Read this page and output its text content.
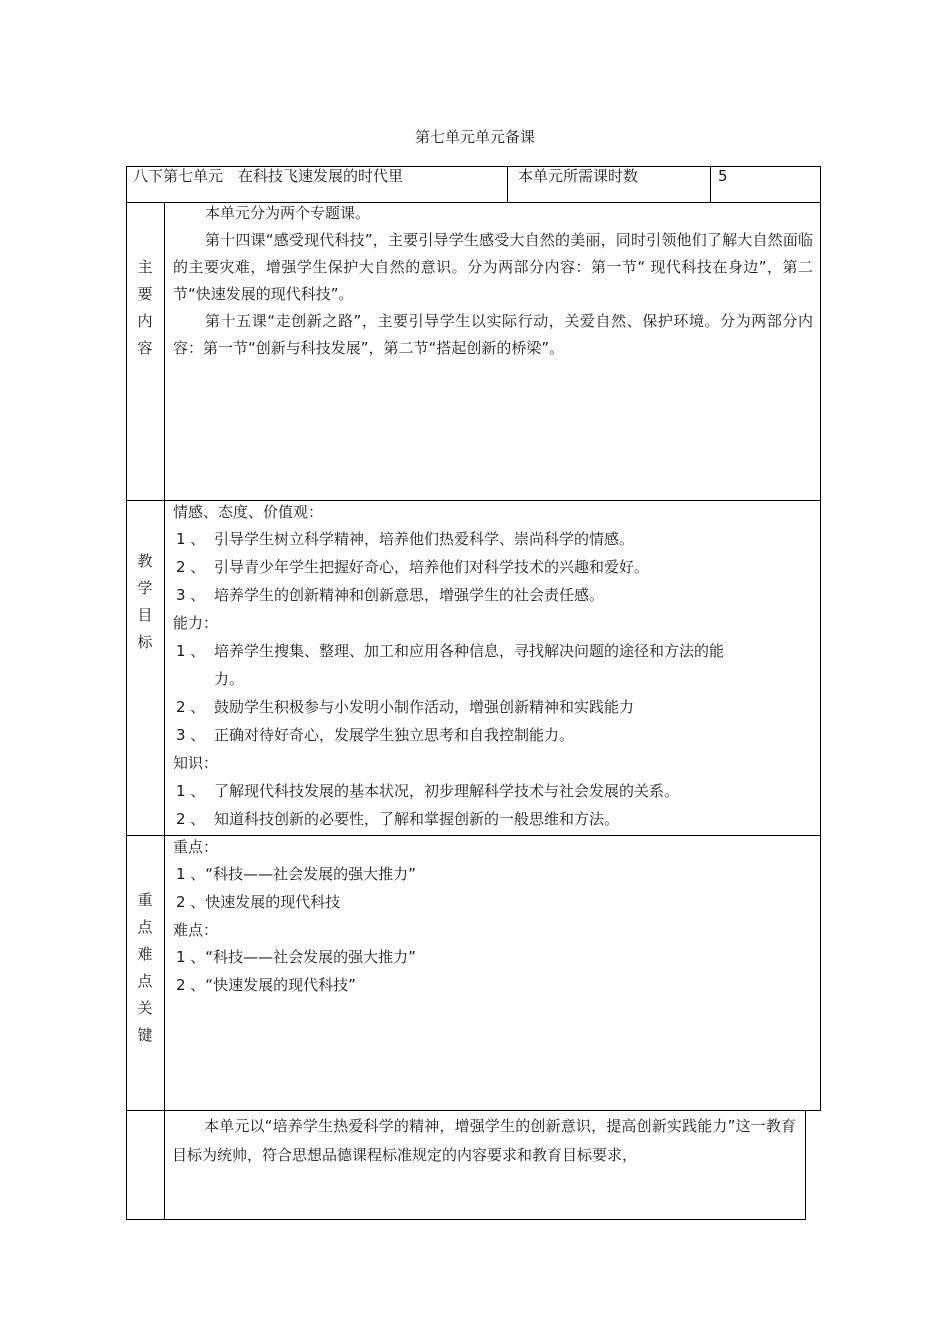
第七单元单元备课
八下第七单元　在科技飞速发展的时代里	本单元所需课时数	5
主
要
内
容

本单元分为两个专题课。

第十四课“感受现代科技”，主要引导学生感受大自然的美丽，同时引领他们了解大自然面临的主要灾难，增强学生保护大自然的意识。分为两部分内容：第一节“ 现代科技在身边”，第二节“快速发展的现代科技”。

第十五课“走创新之路”，主要引导学生以实际行动，关爱自然、保护环境。分为两部分内容：第一节“创新与科技发展”，第二节“搭起创新的桥梁”。

教
学
目
标
情感、态度、价值观：
1 、 引导学生树立科学精神，培养他们热爱科学、崇尚科学的情感。
2 、 引导青少年学生把握好奇心，培养他们对科学技术的兴趣和爱好。
3 、 培养学生的创新精神和创新意思，增强学生的社会责任感。
能力：
1 、 培养学生搜集、整理、加工和应用各种信息，寻找解决问题的途径和方法的能
力。
2 、 鼓励学生积极参与小发明小制作活动，增强创新精神和实践能力
3 、 正确对待好奇心，发展学生独立思考和自我控制能力。
知识：
1 、 了解现代科技发展的基本状况，初步理解科学技术与社会发展的关系。
2 、 知道科技创新的必要性，了解和掌握创新的一般思维和方法。
重
点
难
点
关
键
重点：
1 、“科技——社会发展的强大推力”
2 、快速发展的现代科技
难点：
1 、“科技——社会发展的强大推力”
2 、“快速发展的现代科技”

本单元以“培养学生热爱科学的精神，增强学生的创新意识，提高创新实践能力”这一教育目标为统帅，符合思想品德课程标准规定的内容要求和教育目标要求，
